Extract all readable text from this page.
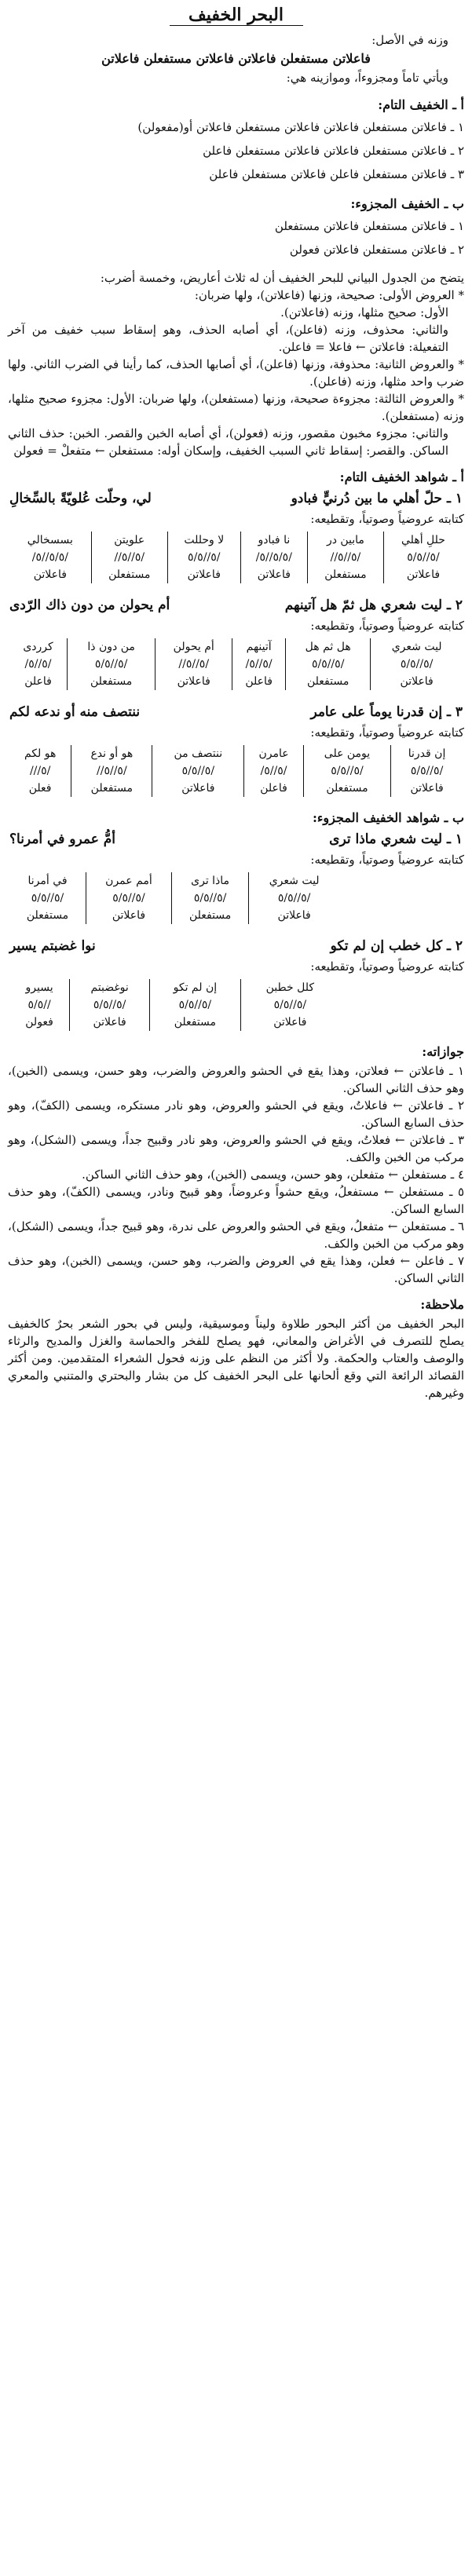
البحر الخفيف
وزنه في الأصل:
فاعلاتن مستفعلن فاعلاتن فاعلاتن مستفعلن فاعلاتن
ويأتي تاماً ومجزوءاً، وموازينه هي:
أ ـ الخفيف التام:
١ ـ فاعلاتن مستفعلن فاعلاتن فاعلاتن مستفعلن فاعلاتن أو(مفعولن)
٢ ـ فاعلاتن مستفعلن فاعلاتن فاعلاتن مستفعلن فاعلن
٣ ـ فاعلاتن مستفعلن فاعلن فاعلاتن مستفعلن فاعلن
ب ـ الخفيف المجزوء:
١ ـ فاعلاتن مستفعلن فاعلاتن مستفعلن
٢ ـ فاعلاتن مستفعلن فاعلاتن فعولن
يتضح من الجدول البياني للبحر الخفيف أن له ثلاث أعاريض، وخمسة أضرب:
* العروض الأولى: صحيحة، وزنها (فاعلاتن)، ولها ضربان:
الأول: صحيح مثلها، وزنه (فاعلاتن).
والثاني: محذوف، وزنه (فاعلن)، أي أصابه الحذف، وهو إسقاط سبب خفيف من آخر التفعيلة: فاعلاتن ← فاعلا = فاعلن.
* والعروض الثانية: محذوفة، وزنها (فاعلن)، أي أصابها الحذف، كما رأينا في الضرب الثاني. ولها ضرب واحد مثلها، وزنه (فاعلن).
* والعروض الثالثة: مجزوءة صحيحة، وزنها (مستفعلن)، ولها ضربان: الأول: مجزوء صحيح مثلها، وزنه (مستفعلن).
والثاني: مجزوء مخبون مقصور، وزنه (فعولن)، أي أصابه الخبن والقصر. الخبن: حذف الثاني الساكن. والقصر: إسقاط ثاني السبب الخفيف، وإسكان أوله: مستفعلن ← متفعلْ = فعولن
أ ـ شواهد الخفيف التام:
١ ـ حلّ أهلي ما بين دُرنيٍّ فبادو
لي، وحلّت عُلويّةً بالسِّخالِ
كتابته عروضياً وصوتياً، وتقطيعه:
حللِ أهلي	مابين در	نا فبادو	لا وحللت	علويتن	بسسخالي
/٥//٥/٥	/٥//٥//	/٥/٥//٥/	/٥//٥/٥	/٥//٥//	/٥/٥//٥/
فاعلاتن	مستفعلن	فاعلاتن	فاعلاتن	مستفعلن	فاعلاتن
٢ ـ ليت شعري هل ثمّ هل آتينهم
أم يحولن من دون ذاك الرّدى
كتابته عروضياً وصوتياً، وتقطيعه:
ليت شعري	هل ثم هل	آتينهم	أم يحولن	من دون ذا	كرردى
/٥//٥/٥	/٥//٥/٥	/٥//٥/	/٥//٥//	/٥//٥/٥	/٥//٥/
فاعلاتن	مستفعلن	فاعلن	فاعلاتن	مستفعلن	فاعلن
٣ ـ إن قدرنا يوماً على عامر
ننتصف منه أو ندعه لكم
كتابته عروضياً وصوتياً، وتقطيعه:
إن قدرنا	يومن على	عامرن	ننتصف من	هو أو ندع	هو لكم
/٥//٥/٥	/٥//٥/٥	/٥//٥/	/٥//٥/٥	/٥//٥//	/٥///
فاعلاتن	مستفعلن	فاعلن	فاعلاتن	مستفعلن	فعلن
ب ـ شواهد الخفيف المجزوء:
١ ـ ليت شعري ماذا ترى
أمُّ عمرو في أمرنا؟
كتابته عروضياً وصوتياً، وتقطيعه:
ليت شعري	ماذا ترى	أمم عمرن	في أمرنا
/٥//٥/٥	/٥//٥/٥	/٥//٥/٥	/٥//٥/٥
فاعلاتن	مستفعلن	فاعلاتن	مستفعلن
٢ ـ كل خطب إن لم تكو
نوا غضبتم يسير
كتابته عروضياً وصوتياً، وتقطيعه:
كلل خطبن	إن لم تكو	نوغضبتم	يسيرو
/٥//٥/٥	/٥//٥/٥	/٥//٥/٥	//٥/٥
فاعلاتن	مستفعلن	فاعلاتن	فعولن
جوازاته:
١ ـ فاعلاتن ← فعلاتن، وهذا يقع في الحشو والعروض والضرب، وهو حسن، ويسمى (الخبن)، وهو حذف الثاني الساكن.
٢ ـ فاعلاتن ← فاعلاتُ، ويقع في الحشو والعروض، وهو نادر مستكره، ويسمى (الكفّ)، وهو حذف السابع الساكن.
٣ ـ فاعلاتن ← فعلاتُ، ويقع في الحشو والعروض، وهو نادر وقبيح جداً، ويسمى (الشكل)، وهو مركب من الخبن والكف.
٤ ـ مستفعلن ← متفعلن، وهو حسن، ويسمى (الخبن)، وهو حذف الثاني الساكن.
٥ ـ مستفعلن ← مستفعلُ، ويقع حشواً وعروضاً، وهو قبيح ونادر، ويسمى (الكفّ)، وهو حذف السابع الساكن.
٦ ـ مستفعلن ← متفعلُ، ويقع في الحشو والعروض على ندرة، وهو قبيح جداً، ويسمى (الشكل)، وهو مركب من الخبن والكف.
٧ ـ فاعلن ← فعلن، وهذا يقع في العروض والضرب، وهو حسن، ويسمى (الخبن)، وهو حذف الثاني الساكن.
ملاحظة:
البحر الخفيف من أكثر البحور طلاوة وليناً وموسيقية، وليس في بحور الشعر بحرٌ كالخفيف يصلح للتصرف في الأغراض والمعاني، فهو يصلح للفخر والحماسة والغزل والمديح والرثاء والوصف والعتاب والحكمة. ولا أكثر من النظم على وزنه فحول الشعراء المتقدمين. ومن أكثر القصائد الرائعة التي وقع ألحانها على البحر الخفيف كل من بشار والبحتري والمتنبي والمعري وغيرهم.
